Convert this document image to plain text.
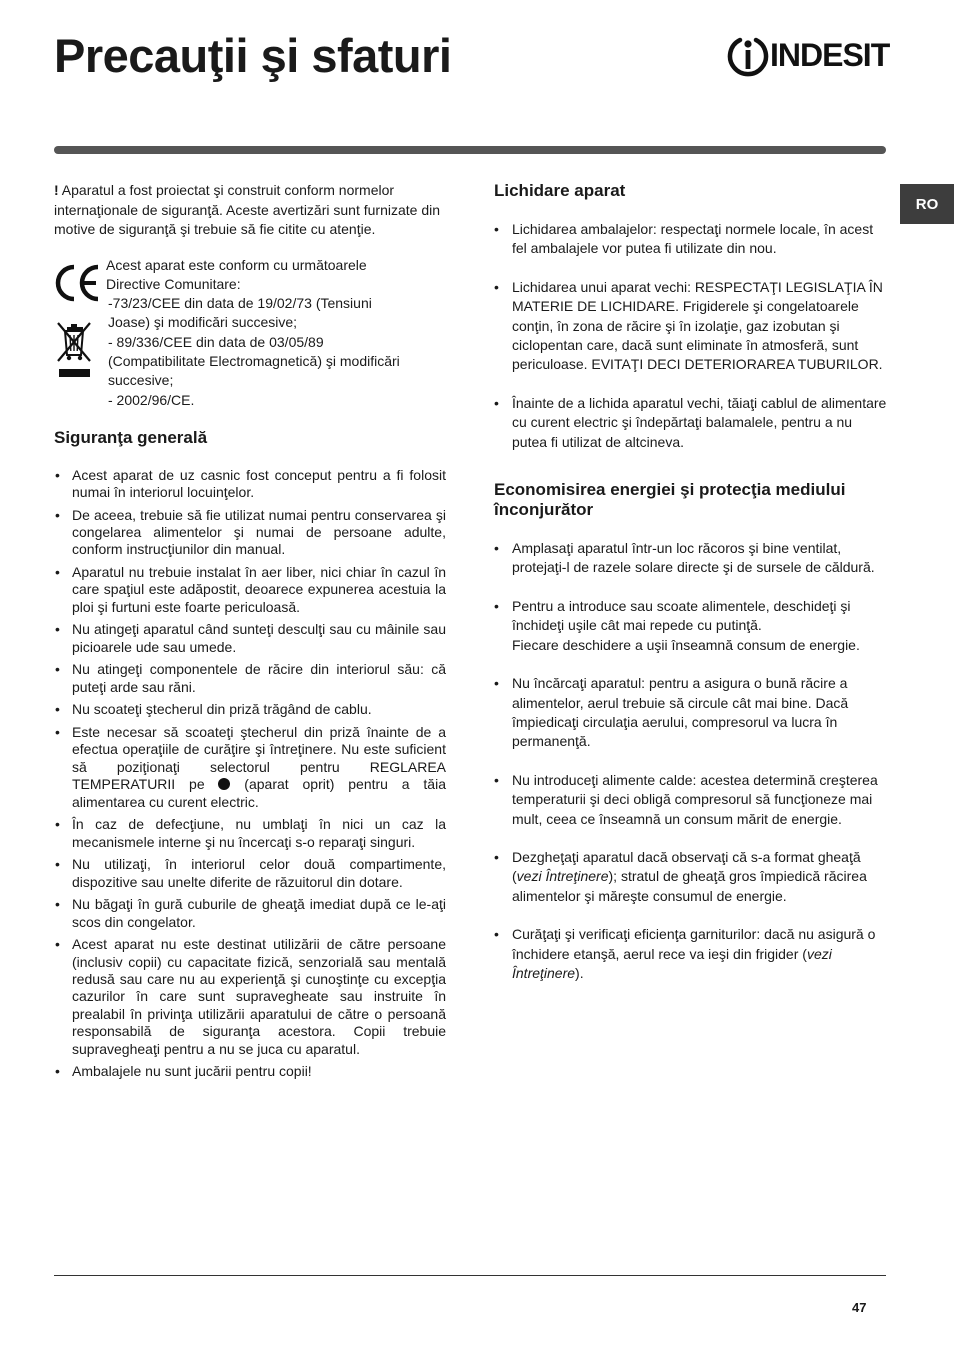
Precauţii şi sfaturi	INDESIT
RO

! Aparatul a fost proiectat şi construit conform normelor internaţionale de siguranţă. Aceste avertizări sunt furnizate din motive de siguranţă şi trebuie să fie citite cu atenţie.

Acest aparat este conform cu următoarele
Directive Comunitare:
-73/23/CEE din data de 19/02/73 (Tensiuni
Joase) şi modificări succesive;
- 89/336/CEE din data de 03/05/89
(Compatibilitate Electromagnetică) şi modificări
succesive;
- 2002/96/CE.
Siguranţa generală
• Acest aparat de uz casnic fost conceput pentru a fi folosit numai în interiorul locuinţelor.
• De aceea, trebuie să fie utilizat numai pentru conservarea şi congelarea alimentelor şi numai de persoane adulte, conform instrucţiunilor din manual.
• Aparatul nu trebuie instalat în aer liber, nici chiar în cazul în care spaţiul este adăpostit, deoarece expunerea acestuia la ploi şi furtuni este foarte periculoasă.
• Nu atingeţi aparatul când sunteţi desculţi sau cu mâinile sau picioarele ude sau umede.
• Nu atingeţi componentele de răcire din interiorul său: că puteţi arde sau răni.
• Nu scoateţi ştecherul din priză trăgând de cablu.
• Este necesar să scoateţi ştecherul din priză înainte de a efectua operaţiile de curăţire şi întreţinere. Nu este suficient să poziţionaţi selectorul pentru REGLAREA TEMPERATURII pe  (aparat oprit) pentru a tăia alimentarea cu curent electric.
• În caz de defecţiune, nu umblaţi în nici un caz la mecanismele interne şi nu încercaţi s-o reparaţi singuri.
• Nu utilizaţi, în interiorul celor două compartimente, dispozitive sau unelte diferite de răzuitorul din dotare.
• Nu băgaţi în gură cuburile de gheaţă imediat după ce le-aţi scos din congelator.
• Acest aparat nu este destinat utilizării de către persoane (inclusiv copii) cu capacitate fizică, senzorială sau mentală redusă sau care nu au experienţă şi cunoştinţe cu excepţia cazurilor în care sunt supravegheate sau instruite în prealabil în privinţa utilizării aparatului de către o persoană responsabilă de siguranţa acestora. Copii trebuie supravegheaţi pentru a nu se juca cu aparatul.
• Ambalajele nu sunt jucării pentru copii!
Lichidare aparat
• Lichidarea ambalajelor: respectaţi normele locale, în acest fel ambalajele vor putea fi utilizate din nou.
• Lichidarea unui aparat vechi: RESPECTAŢI LEGISLAŢIA ÎN MATERIE DE LICHIDARE. Frigiderele şi congelatoarele conţin, în zona de răcire şi în izolaţie, gaz izobutan şi ciclopentan care, dacă sunt eliminate în atmosferă, sunt periculoase. EVITAŢI DECI DETERIORAREA TUBURILOR.
• Înainte de a lichida aparatul vechi, tăiaţi cablul de alimentare cu curent electric şi îndepărtaţi balamalele, pentru a nu putea fi utilizat de altcineva.
Economisirea energiei şi protecţia mediului înconjurător
• Amplasaţi aparatul într-un loc răcoros şi bine ventilat, protejaţi-l de razele solare directe şi de sursele de căldură.
• Pentru a introduce sau scoate alimentele, deschideţi şi închideţi uşile cât mai repede cu putinţă.
Fiecare deschidere a uşii înseamnă consum de energie.
• Nu încărcaţi aparatul: pentru a asigura o bună răcire a alimentelor, aerul trebuie să circule cât mai bine. Dacă împiedicaţi circulaţia aerului, compresorul va lucra în permanenţă.
• Nu introduceţi alimente calde: acestea determină creşterea temperaturii şi deci obligă compresorul să funcţioneze mai mult, ceea ce înseamnă un consum mărit de energie.
• Dezgheţaţi aparatul dacă observaţi că s-a format gheaţă (vezi Întreţinere); stratul de gheaţă gros împiedică răcirea alimentelor şi măreşte consumul de energie.
• Curăţaţi şi verificaţi eficienţa garniturilor: dacă nu asigură o închidere etanşă, aerul rece va ieşi din frigider (vezi Întreţinere).
47
